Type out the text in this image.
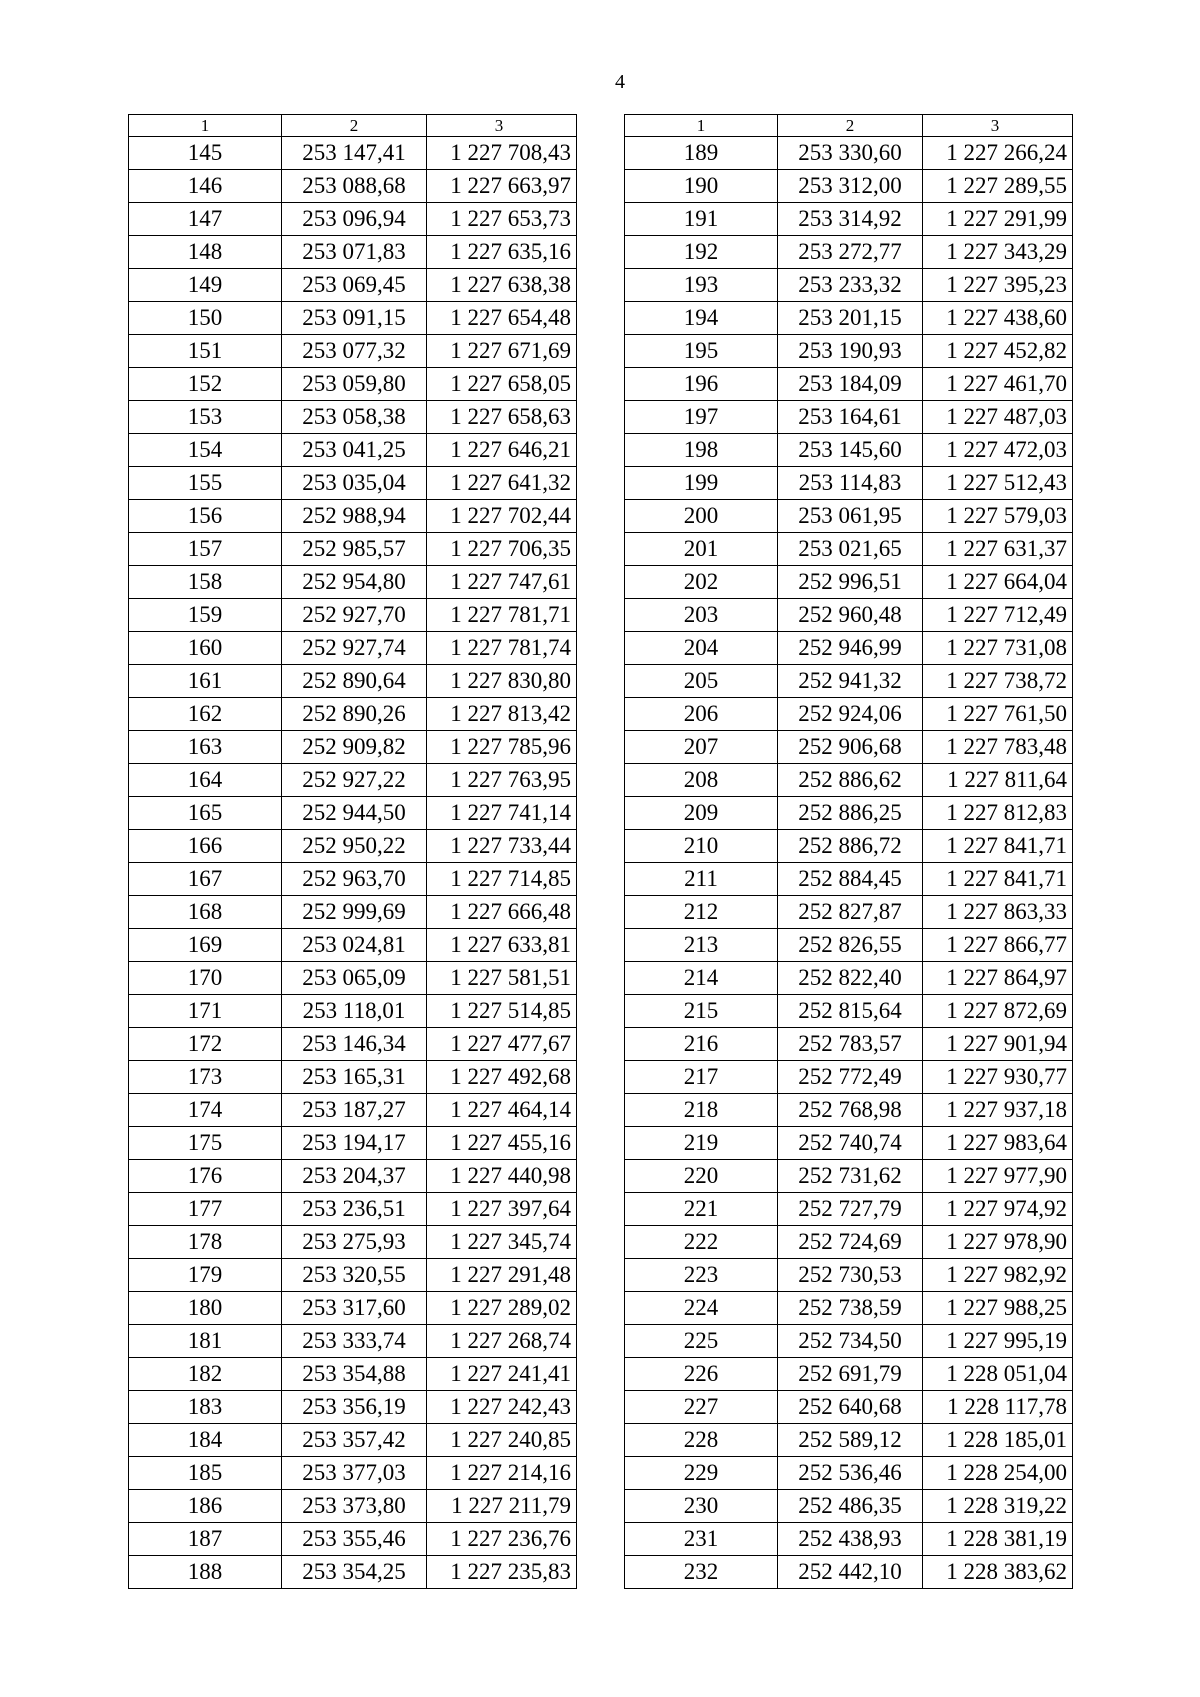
4
1	2	3
145	253 147,41	1 227 708,43
146	253 088,68	1 227 663,97
147	253 096,94	1 227 653,73
148	253 071,83	1 227 635,16
149	253 069,45	1 227 638,38
150	253 091,15	1 227 654,48
151	253 077,32	1 227 671,69
152	253 059,80	1 227 658,05
153	253 058,38	1 227 658,63
154	253 041,25	1 227 646,21
155	253 035,04	1 227 641,32
156	252 988,94	1 227 702,44
157	252 985,57	1 227 706,35
158	252 954,80	1 227 747,61
159	252 927,70	1 227 781,71
160	252 927,74	1 227 781,74
161	252 890,64	1 227 830,80
162	252 890,26	1 227 813,42
163	252 909,82	1 227 785,96
164	252 927,22	1 227 763,95
165	252 944,50	1 227 741,14
166	252 950,22	1 227 733,44
167	252 963,70	1 227 714,85
168	252 999,69	1 227 666,48
169	253 024,81	1 227 633,81
170	253 065,09	1 227 581,51
171	253 118,01	1 227 514,85
172	253 146,34	1 227 477,67
173	253 165,31	1 227 492,68
174	253 187,27	1 227 464,14
175	253 194,17	1 227 455,16
176	253 204,37	1 227 440,98
177	253 236,51	1 227 397,64
178	253 275,93	1 227 345,74
179	253 320,55	1 227 291,48
180	253 317,60	1 227 289,02
181	253 333,74	1 227 268,74
182	253 354,88	1 227 241,41
183	253 356,19	1 227 242,43
184	253 357,42	1 227 240,85
185	253 377,03	1 227 214,16
186	253 373,80	1 227 211,79
187	253 355,46	1 227 236,76
188	253 354,25	1 227 235,83
1	2	3
189	253 330,60	1 227 266,24
190	253 312,00	1 227 289,55
191	253 314,92	1 227 291,99
192	253 272,77	1 227 343,29
193	253 233,32	1 227 395,23
194	253 201,15	1 227 438,60
195	253 190,93	1 227 452,82
196	253 184,09	1 227 461,70
197	253 164,61	1 227 487,03
198	253 145,60	1 227 472,03
199	253 114,83	1 227 512,43
200	253 061,95	1 227 579,03
201	253 021,65	1 227 631,37
202	252 996,51	1 227 664,04
203	252 960,48	1 227 712,49
204	252 946,99	1 227 731,08
205	252 941,32	1 227 738,72
206	252 924,06	1 227 761,50
207	252 906,68	1 227 783,48
208	252 886,62	1 227 811,64
209	252 886,25	1 227 812,83
210	252 886,72	1 227 841,71
211	252 884,45	1 227 841,71
212	252 827,87	1 227 863,33
213	252 826,55	1 227 866,77
214	252 822,40	1 227 864,97
215	252 815,64	1 227 872,69
216	252 783,57	1 227 901,94
217	252 772,49	1 227 930,77
218	252 768,98	1 227 937,18
219	252 740,74	1 227 983,64
220	252 731,62	1 227 977,90
221	252 727,79	1 227 974,92
222	252 724,69	1 227 978,90
223	252 730,53	1 227 982,92
224	252 738,59	1 227 988,25
225	252 734,50	1 227 995,19
226	252 691,79	1 228 051,04
227	252 640,68	1 228 117,78
228	252 589,12	1 228 185,01
229	252 536,46	1 228 254,00
230	252 486,35	1 228 319,22
231	252 438,93	1 228 381,19
232	252 442,10	1 228 383,62
